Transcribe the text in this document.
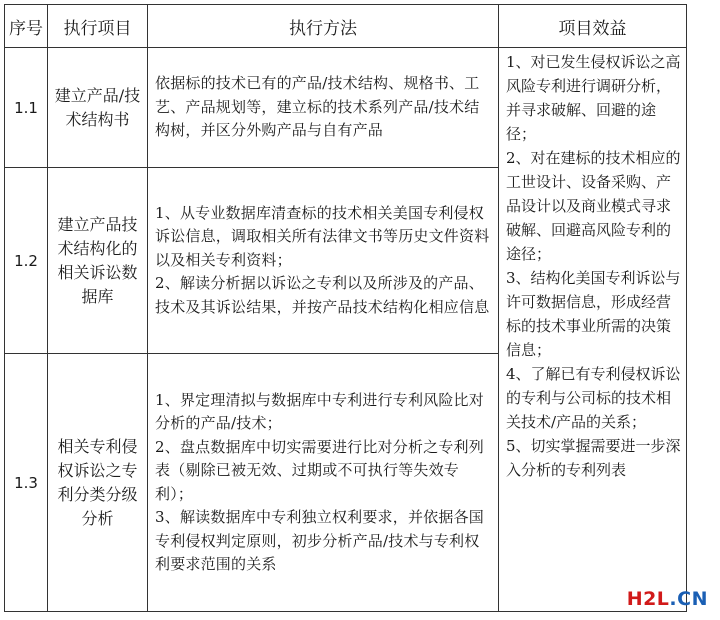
序号	执行项目	执行方法	项目效益
1.1	建立产品/技术结构书	依据标的技术已有的产品/技术结构、规格书、工艺、产品规划等，建立标的技术系列产品/技术结构树，并区分外购产品与自有产品	1、对已发生侵权诉讼之高风险专利进行调研分析，并寻求破解、回避的途径；
2、对在建标的技术相应的工世设计、设备采购、产品设计以及商业模式寻求破解、回避高风险专利的途径；
3、结构化美国专利诉讼与许可数据信息，形成经营标的技术事业所需的决策信息；
4、了解已有专利侵权诉讼的专利与公司标的技术相关技术/产品的关系；
5、切实掌握需要进一步深入分析的专利列表

1.2	建立产品技术结构化的相关诉讼数据库	1、从专业数据库清查标的技术相关美国专利侵权诉讼信息，调取相关所有法律文书等历史文件资料以及相关专利资料；
2、解读分析据以诉讼之专利以及所涉及的产品、技术及其诉讼结果，并按产品技术结构化相应信息	

1.3	相关专利侵权诉讼之专利分类分级分析	1、界定理清拟与数据库中专利进行专利风险比对分析的产品/技术；
2、盘点数据库中切实需要进行比对分析之专利列表（剔除已被无效、过期或不可执行等失效专利）；
3、解读数据库中专利独立权利要求，并依据各国专利侵权判定原则，初步分析产品/技术与专利权利要求范围的关系	
H2L.CN
